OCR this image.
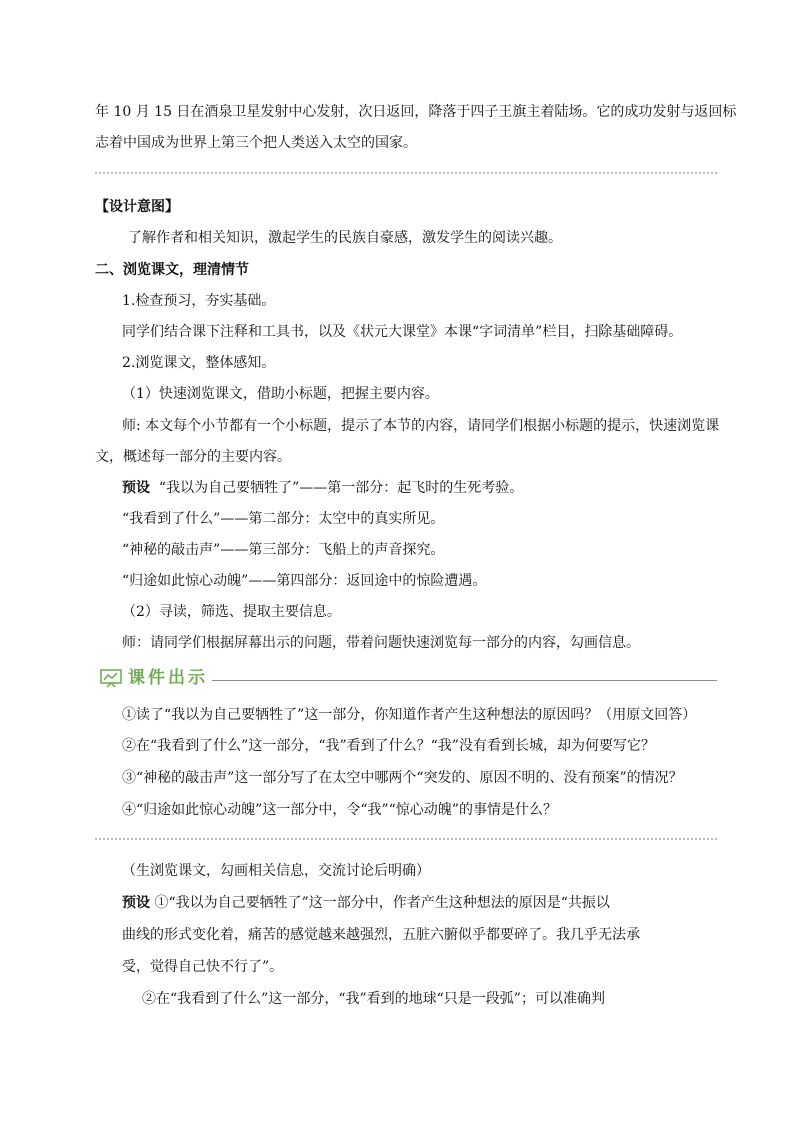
年 10 月 15 日在酒泉卫星发射中心发射，次日返回，降落于四子王旗主着陆场。它的成功发射与返回标
志着中国成为世界上第三个把人类送入太空的国家。
【设计意图】
了解作者和相关知识，激起学生的民族自豪感，激发学生的阅读兴趣。
二、浏览课文，理清情节
1.检查预习，夯实基础。
同学们结合课下注释和工具书，以及《状元大课堂》本课“字词清单”栏目，扫除基础障碍。
2.浏览课文，整体感知。
（1）快速浏览课文，借助小标题，把握主要内容。
师: 本文每个小节都有一个小标题，提示了本节的内容，请同学们根据小标题的提示，快速浏览课
文，概述每一部分的主要内容。
预设 “我以为自己要牺牲了”——第一部分：起飞时的生死考验。
“我看到了什么”——第二部分：太空中的真实所见。
“神秘的敲击声”——第三部分：飞船上的声音探究。
“归途如此惊心动魄”——第四部分：返回途中的惊险遭遇。
（2）寻读，筛选、提取主要信息。
师：请同学们根据屏幕出示的问题，带着问题快速浏览每一部分的内容，勾画信息。
课件出示
①读了“我以为自己要牺牲了”这一部分，你知道作者产生这种想法的原因吗？（用原文回答）
②在“我看到了什么”这一部分，“我”看到了什么？“我”没有看到长城，却为何要写它？
③“神秘的敲击声”这一部分写了在太空中哪两个“突发的、原因不明的、没有预案”的情况？
④“归途如此惊心动魄”这一部分中，令“我”“惊心动魄”的事情是什么？
（生浏览课文，勾画相关信息，交流讨论后明确）
预设 ①“我以为自己要牺牲了”这一部分中，作者产生这种想法的原因是“共振以
曲线的形式变化着，痛苦的感觉越来越强烈，五脏六腑似乎都要碎了。我几乎无法承
受，觉得自己快不行了”。
②在“我看到了什么”这一部分，“我”看到的地球“只是一段弧”；可以准确判
